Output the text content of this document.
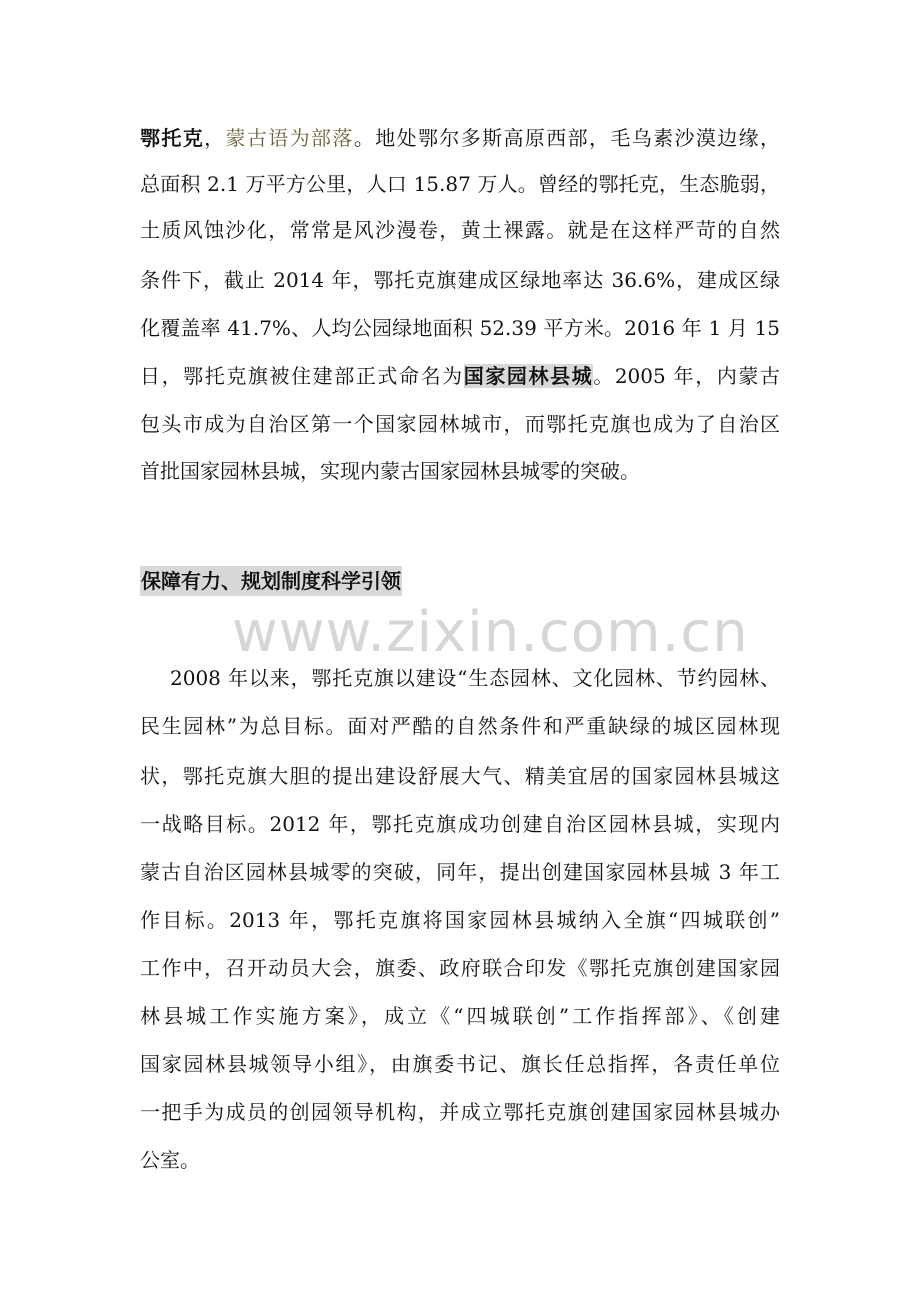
鄂托克，蒙古语为部落。地处鄂尔多斯高原西部，毛乌素沙漠边缘，
总面积 2.1 万平方公里，人口 15.87 万人。曾经的鄂托克，生态脆弱，
土质风蚀沙化，常常是风沙漫卷，黄土裸露。就是在这样严苛的自然
条件下，截止 2014 年，鄂托克旗建成区绿地率达 36.6%，建成区绿
化覆盖率 41.7%、人均公园绿地面积 52.39 平方米。2016 年 1 月 15
日，鄂托克旗被住建部正式命名为国家园林县城。2005 年，内蒙古
包头市成为自治区第一个国家园林城市，而鄂托克旗也成为了自治区
首批国家园林县城，实现内蒙古国家园林县城零的突破。
保障有力、规划制度科学引领
www.zixin.com.cn
2008 年以来，鄂托克旗以建设“生态园林、文化园林、节约园林、
民生园林”为总目标。面对严酷的自然条件和严重缺绿的城区园林现
状，鄂托克旗大胆的提出建设舒展大气、精美宜居的国家园林县城这
一战略目标。2012 年，鄂托克旗成功创建自治区园林县城，实现内
蒙古自治区园林县城零的突破，同年，提出创建国家园林县城 3 年工
作目标。2013 年，鄂托克旗将国家园林县城纳入全旗“四城联创”
工作中，召开动员大会，旗委、政府联合印发《鄂托克旗创建国家园
林县城工作实施方案》，成立《“四城联创”工作指挥部》、《创建
国家园林县城领导小组》，由旗委书记、旗长任总指挥，各责任单位
一把手为成员的创园领导机构，并成立鄂托克旗创建国家园林县城办
公室。
